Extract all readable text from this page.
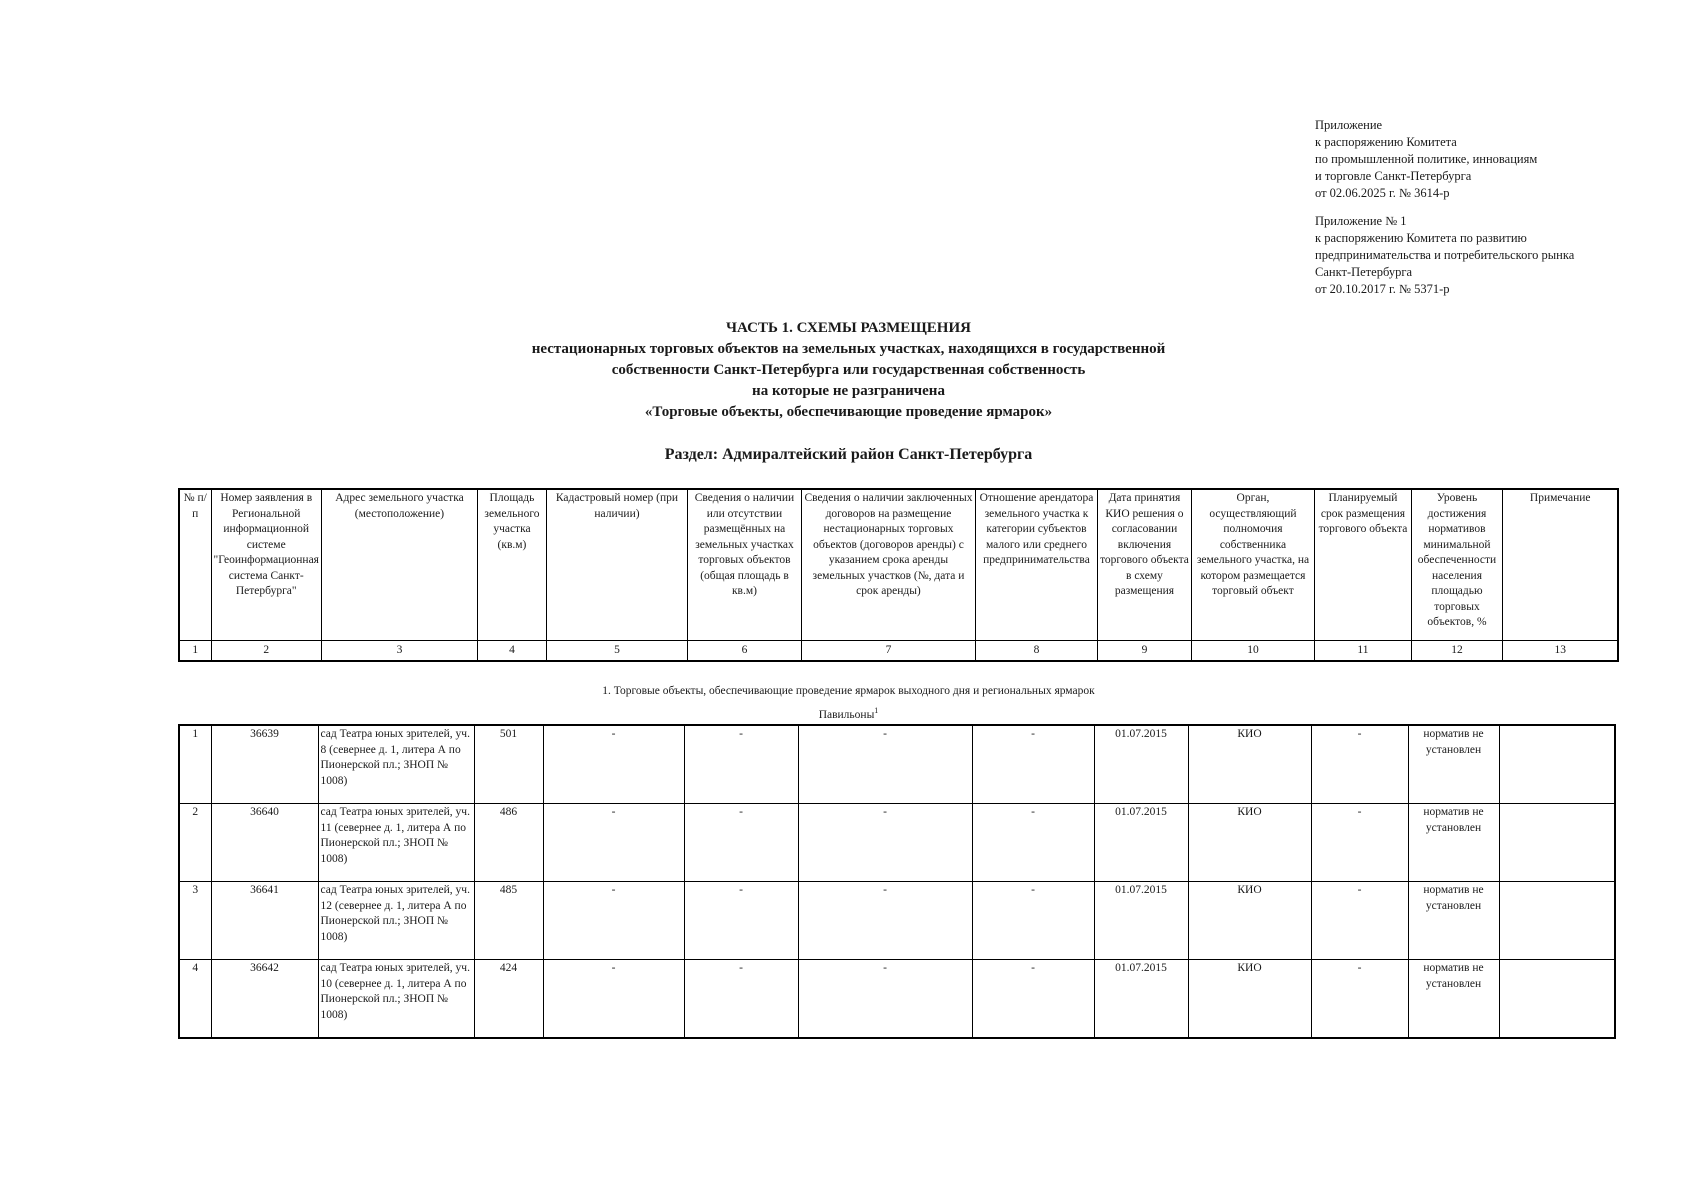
Приложение
к распоряжению Комитета
по промышленной политике, инновациям
и торговле Санкт-Петербурга
от 02.06.2025 г. № 3614-р
Приложение № 1
к распоряжению Комитета по развитию
предпринимательства и потребительского рынка
Санкт-Петербурга
от 20.10.2017 г. № 5371-р
ЧАСТЬ 1. СХЕМЫ РАЗМЕЩЕНИЯ
нестационарных торговых объектов на земельных участках, находящихся в государственной
собственности Санкт-Петербурга или государственная собственность
на которые не разграничена
«Торговые объекты, обеспечивающие проведение ярмарок»
Раздел: Адмиралтейский район Санкт-Петербурга
№ п/п	Номер заявления в Региональной информационной системе "Геоинформационная система Санкт-Петербурга"	Адрес земельного участка (местоположение)	Площадь земельного участка (кв.м)	Кадастровый номер (при наличии)	Сведения о наличии или отсутствии размещённых на земельных участках торговых объектов (общая площадь в кв.м)	Сведения о наличии заключенных договоров на размещение нестационарных торговых объектов (договоров аренды) с указанием срока аренды земельных участков (№, дата и срок аренды)	Отношение арендатора земельного участка к категории субъектов малого или среднего предпринимательства	Дата принятия КИО решения о согласовании включения торгового объекта в схему размещения	Орган, осуществляющий полномочия собственника земельного участка, на котором размещается торговый объект	Планируемый срок размещения торгового объекта	Уровень достижения нормативов минимальной обеспеченности населения площадью торговых объектов, %	Примечание
1	2	3	4	5	6	7	8	9	10	11	12	13
1. Торговые объекты, обеспечивающие проведение ярмарок выходного дня и региональных ярмарок
Павильоны$^1$
1	36639	сад Театра юных зрителей, уч. 8 (севернее д. 1, литера А по Пионерской пл.; ЗНОП № 1008)	501	-	-	-	-	01.07.2015	КИО	-	норматив не установлен	
2	36640	сад Театра юных зрителей, уч. 11 (севернее д. 1, литера А по Пионерской пл.; ЗНОП № 1008)	486	-	-	-	-	01.07.2015	КИО	-	норматив не установлен	
3	36641	сад Театра юных зрителей, уч. 12 (севернее д. 1, литера А по Пионерской пл.; ЗНОП № 1008)	485	-	-	-	-	01.07.2015	КИО	-	норматив не установлен	
4	36642	сад Театра юных зрителей, уч. 10 (севернее д. 1, литера А по Пионерской пл.; ЗНОП № 1008)	424	-	-	-	-	01.07.2015	КИО	-	норматив не установлен	
